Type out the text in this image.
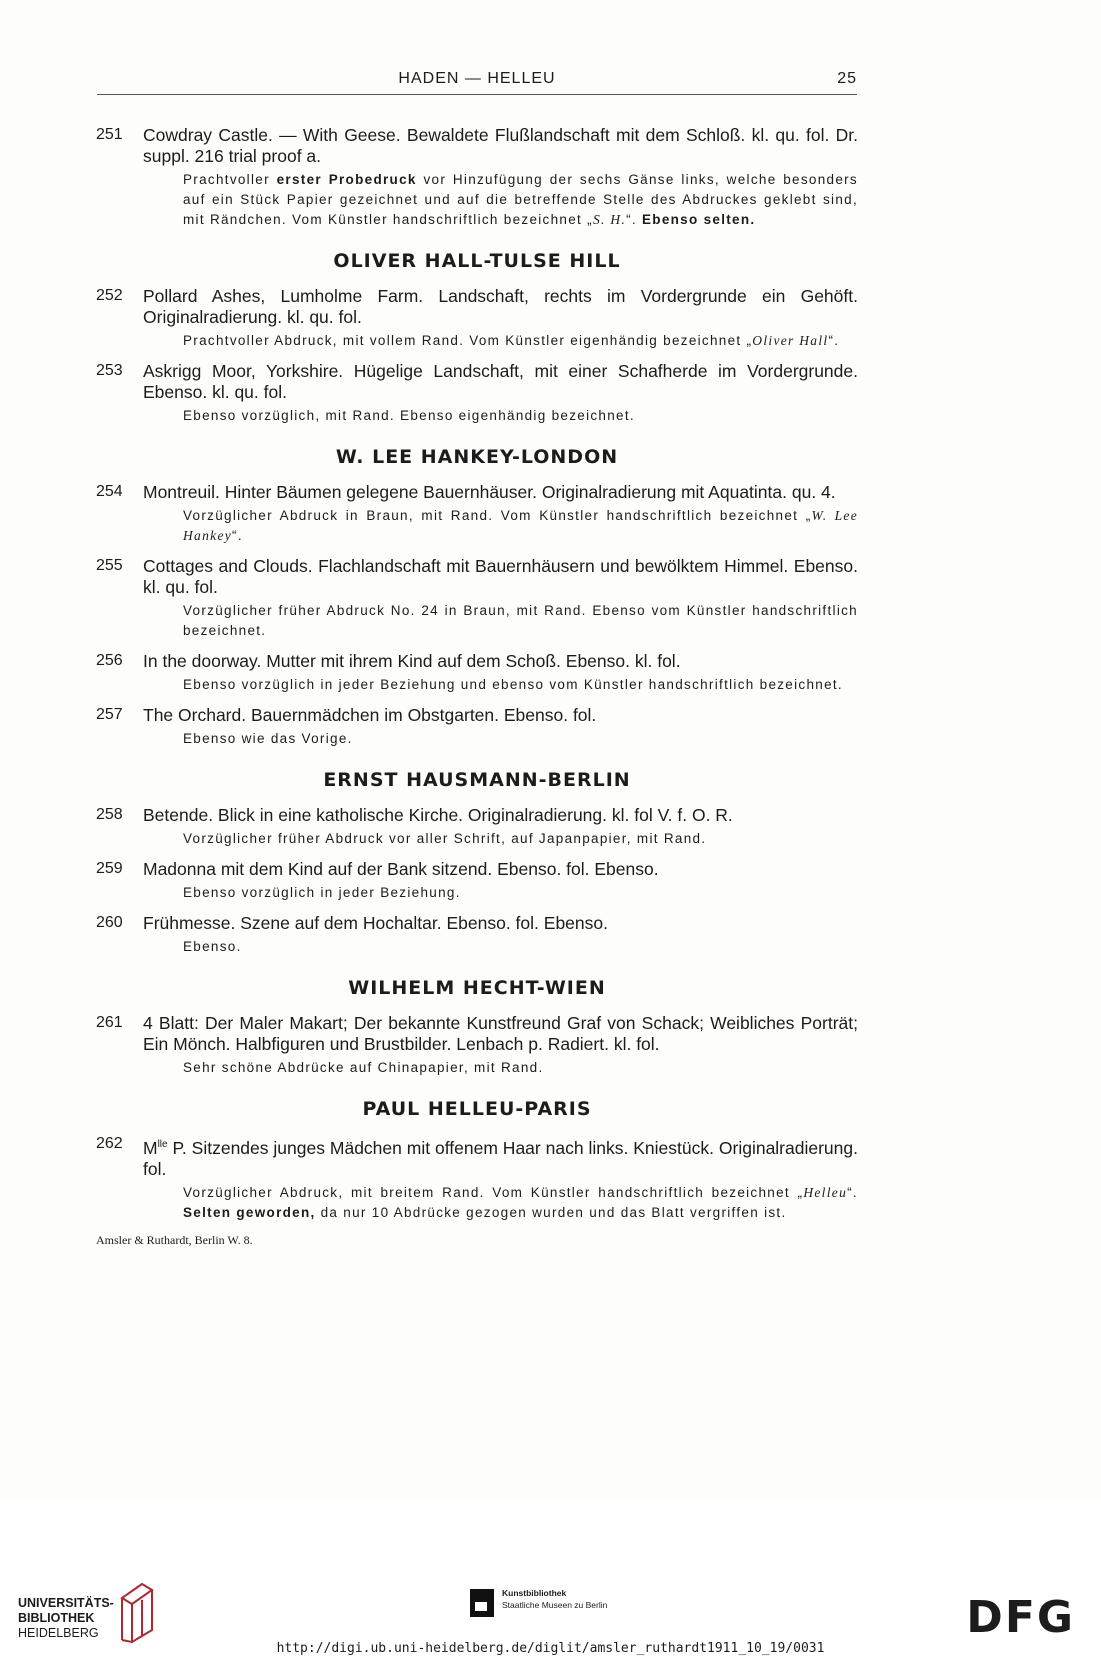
HADEN — HELLEU	25
251 Cowdray Castle. — With Geese. Bewaldete Flußlandschaft mit dem Schloß. kl. qu. fol. Dr. suppl. 216 trial proof a.
Prachtvoller erster Probedruck vor Hinzufügung der sechs Gänse links, welche besonders auf ein Stück Papier gezeichnet und auf die betreffende Stelle des Abdruckes geklebt sind, mit Rändchen. Vom Künstler handschriftlich bezeichnet „S. H.“. Ebenso selten.
OLIVER HALL-TULSE HILL
252 Pollard Ashes, Lumholme Farm. Landschaft, rechts im Vordergrunde ein Gehöft. Originalradierung. kl. qu. fol.
Prachtvoller Abdruck, mit vollem Rand. Vom Künstler eigenhändig bezeichnet „Oliver Hall“.
253 Askrigg Moor, Yorkshire. Hügelige Landschaft, mit einer Schafherde im Vordergrunde. Ebenso. kl. qu. fol.
Ebenso vorzüglich, mit Rand. Ebenso eigenhändig bezeichnet.
W. LEE HANKEY-LONDON
254 Montreuil. Hinter Bäumen gelegene Bauernhäuser. Originalradierung mit Aquatinta. qu. 4.
Vorzüglicher Abdruck in Braun, mit Rand. Vom Künstler handschriftlich bezeichnet „W. Lee Hankey“.
255 Cottages and Clouds. Flachlandschaft mit Bauernhäusern und bewölktem Himmel. Ebenso. kl. qu. fol.
Vorzüglicher früher Abdruck No. 24 in Braun, mit Rand. Ebenso vom Künstler handschriftlich bezeichnet.
256 In the doorway. Mutter mit ihrem Kind auf dem Schoß. Ebenso. kl. fol.
Ebenso vorzüglich in jeder Beziehung und ebenso vom Künstler handschriftlich bezeichnet.
257 The Orchard. Bauernmädchen im Obstgarten. Ebenso. fol.
Ebenso wie das Vorige.
ERNST HAUSMANN-BERLIN
258 Betende. Blick in eine katholische Kirche. Originalradierung. kl. fol V. f. O. R.
Vorzüglicher früher Abdruck vor aller Schrift, auf Japanpapier, mit Rand.
259 Madonna mit dem Kind auf der Bank sitzend. Ebenso. fol. Ebenso.
Ebenso vorzüglich in jeder Beziehung.
260 Frühmesse. Szene auf dem Hochaltar. Ebenso. fol. Ebenso.
Ebenso.
WILHELM HECHT-WIEN
261 4 Blatt: Der Maler Makart; Der bekannte Kunstfreund Graf von Schack; Weibliches Porträt; Ein Mönch. Halbfiguren und Brustbilder. Lenbach p. Radiert. kl. fol.
Sehr schöne Abdrücke auf Chinapapier, mit Rand.
PAUL HELLEU-PARIS
262 $M^{lle}$ P. Sitzendes junges Mädchen mit offenem Haar nach links. Kniestück. Originalradierung. fol.
Vorzüglicher Abdruck, mit breitem Rand. Vom Künstler handschriftlich bezeichnet „Helleu“. Selten geworden, da nur 10 Abdrücke gezogen wurden und das Blatt vergriffen ist.
Amsler & Ruthardt, Berlin W. 8.
UNIVERSITÄTS-
BIBLIOTHEK
HEIDELBERG
Kunstbibliothek
Staatliche Museen zu Berlin	DFG
http://digi.ub.uni-heidelberg.de/diglit/amsler_ruthardt1911_10_19/0031
